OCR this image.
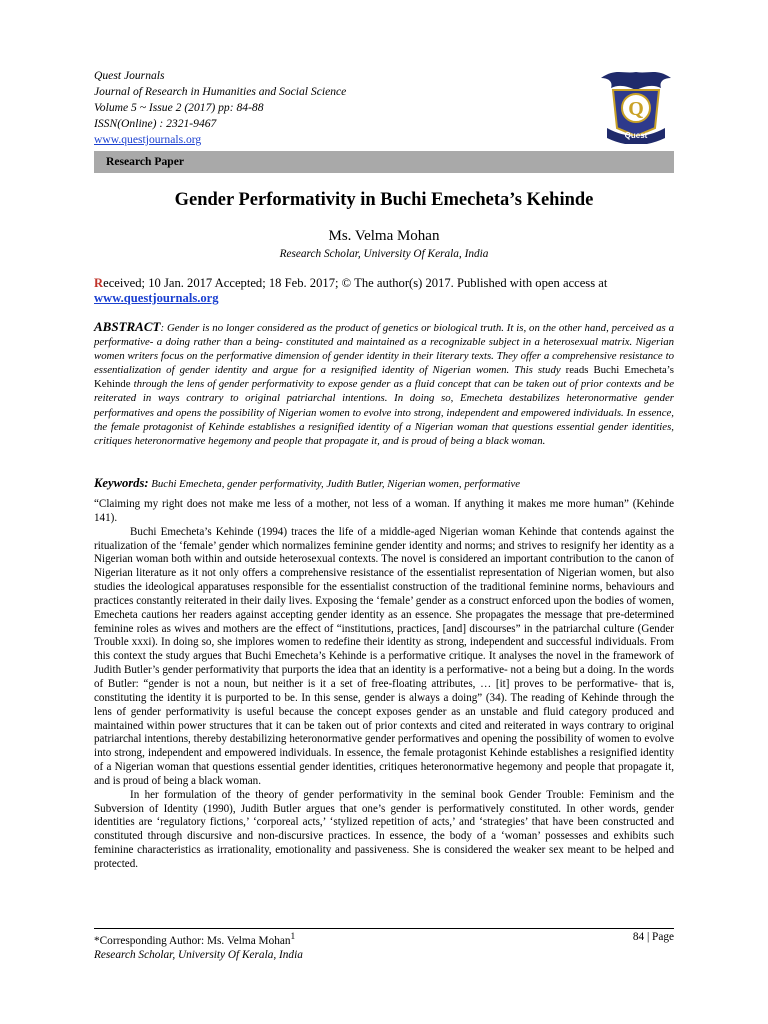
Quest Journals
Journal of Research in Humanities and Social Science
Volume 5 ~ Issue 2 (2017) pp: 84-88
ISSN(Online) : 2321-9467
www.questjournals.org
Q
Quest
Research Paper
Gender Performativity in Buchi Emecheta’s Kehinde
Ms. Velma Mohan
Research Scholar, University Of Kerala, India
Received; 10 Jan. 2017 Accepted; 18 Feb. 2017; © The author(s) 2017. Published with open access at
www.questjournals.org
ABSTRACT: Gender is no longer considered as the product of genetics or biological truth. It is, on the other hand, perceived as a performative- a doing rather than a being- constituted and maintained as a recognizable subject in a heterosexual matrix. Nigerian women writers focus on the performative dimension of gender identity in their literary texts. They offer a comprehensive resistance to essentialization of gender identity and argue for a resignified identity of Nigerian women. This study reads Buchi Emecheta’s Kehinde through the lens of gender performativity to expose gender as a fluid concept that can be taken out of prior contexts and be reiterated in ways contrary to original patriarchal intentions. In doing so, Emecheta destabilizes heteronormative gender performatives and opens the possibility of Nigerian women to evolve into strong, independent and empowered individuals. In essence, the female protagonist of Kehinde establishes a resignified identity of a Nigerian woman that questions essential gender identities, critiques heteronormative hegemony and people that propagate it, and is proud of being a black woman.
Keywords: Buchi Emecheta, gender performativity, Judith Butler, Nigerian women, performative

“Claiming my right does not make me less of a mother, not less of a woman. If anything it makes me more human” (Kehinde 141).

Buchi Emecheta’s Kehinde (1994) traces the life of a middle-aged Nigerian woman Kehinde that contends against the ritualization of the ‘female’ gender which normalizes feminine gender identity and norms; and strives to resignify her identity as a Nigerian woman both within and outside heterosexual contexts. The novel is considered an important contribution to the canon of Nigerian literature as it not only offers a comprehensive resistance of the essentialist representation of Nigerian women, but also studies the ideological apparatuses responsible for the essentialist construction of the traditional feminine norms, behaviours and practices constantly reiterated in their daily lives. Exposing the ‘female’ gender as a construct enforced upon the bodies of women, Emecheta cautions her readers against accepting gender identity as an essence. She propagates the message that pre-determined feminine roles as wives and mothers are the effect of “institutions, practices, [and] discourses” in the patriarchal culture (Gender Trouble xxxi). In doing so, she implores women to redefine their identity as strong, independent and successful individuals. From this context the study argues that Buchi Emecheta’s Kehinde is a performative critique. It analyses the novel in the framework of Judith Butler’s gender performativity that purports the idea that an identity is a performative- not a being but a doing. In the words of Butler: “gender is not a noun, but neither is it a set of free-floating attributes, … [it] proves to be performative- that is, constituting the identity it is purported to be. In this sense, gender is always a doing” (34). The reading of Kehinde through the lens of gender performativity is useful because the concept exposes gender as an unstable and fluid category produced and maintained within power structures that it can be taken out of prior contexts and cited and reiterated in ways contrary to original patriarchal intentions, thereby destabilizing heteronormative gender performatives and opening the possibility of women to evolve into strong, independent and empowered individuals. In essence, the female protagonist Kehinde establishes a resignified identity of a Nigerian woman that questions essential gender identities, critiques heteronormative hegemony and people that propagate it, and is proud of being a black woman.

In her formulation of the theory of gender performativity in the seminal book Gender Trouble: Feminism and the Subversion of Identity (1990), Judith Butler argues that one’s gender is performatively constituted. In other words, gender identities are ‘regulatory fictions,’ ‘corporeal acts,’ ‘stylized repetition of acts,’ and ‘strategies’ that have been constructed and constituted through discursive and non-discursive practices. In essence, the body of a ‘woman’ possesses and exhibits such feminine characteristics as irrationality, emotionality and passiveness. She is considered the weaker sex meant to be helped and protected.

*Corresponding Author: Ms. Velma Mohan$^1$	84 | Page
Research Scholar, University Of Kerala, India
